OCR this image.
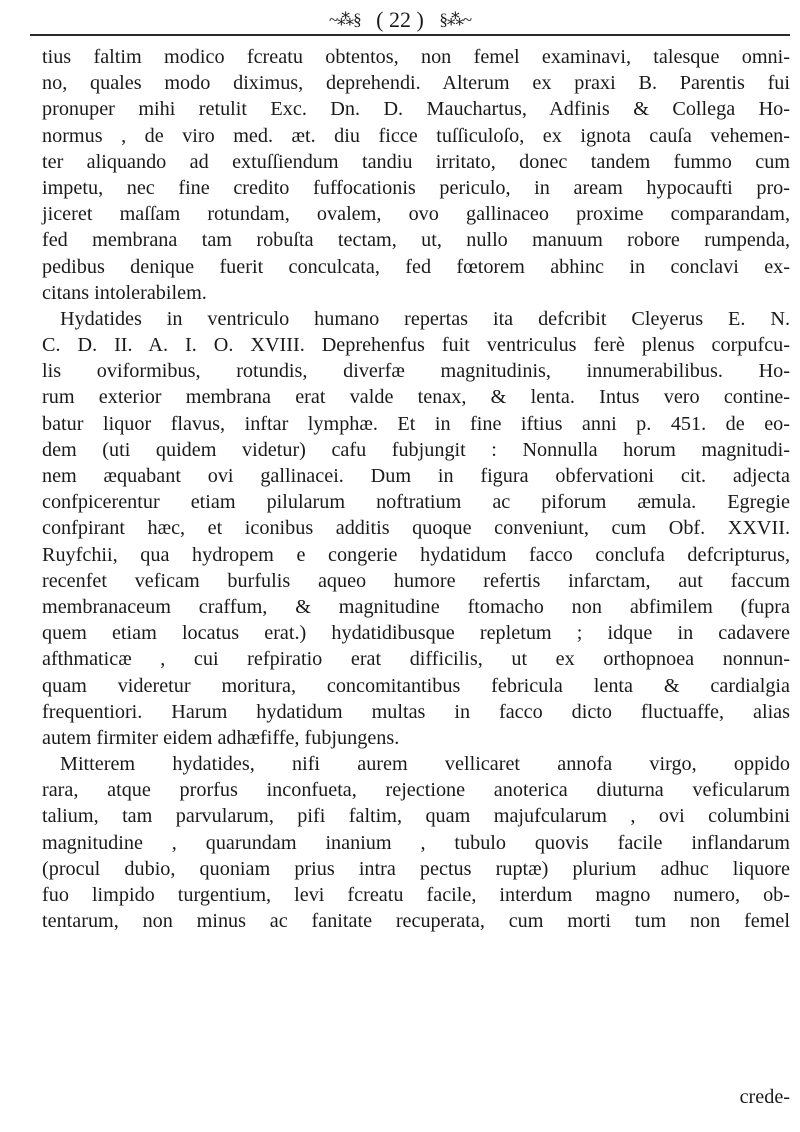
~⁂§ ( 22 ) §⁂~
tius faltim modico fcreatu obtentos, non femel examinavi, talesque omni-
no, quales modo diximus, deprehendi. Alterum ex praxi B. Parentis fui
pronuper mihi retulit Exc. Dn. D. Mauchartus, Adfinis & Collega Ho-
normus , de viro med. æt. diu ficce tuſſiculoſo, ex ignota cauſa vehemen-
ter aliquando ad extuſſiendum tandiu irritato, donec tandem fummo cum
impetu, nec fine credito fuffocationis periculo, in aream hypocaufti pro-
jiceret maſſam rotundam, ovalem, ovo gallinaceo proxime comparandam,
fed membrana tam robuſta tectam, ut, nullo manuum robore rumpenda,
pedibus denique fuerit conculcata, fed fœtorem abhinc in conclavi ex-
citans intolerabilem.
Hydatides in ventriculo humano repertas ita defcribit Cleyerus E. N.
C. D. II. A. I. O. XVIII. Deprehenfus fuit ventriculus ferè plenus corpufcu-
lis oviformibus, rotundis, diverfæ magnitudinis, innumerabilibus. Ho-
rum exterior membrana erat valde tenax, & lenta. Intus vero contine-
batur liquor flavus, inftar lymphæ. Et in fine iftius anni p. 451. de eo-
dem (uti quidem videtur) cafu fubjungit : Nonnulla horum magnitudi-
nem æquabant ovi gallinacei. Dum in figura obfervationi cit. adjecta
confpicerentur etiam pilularum noftratium ac piforum æmula. Egregie
confpirant hæc, et iconibus additis quoque conveniunt, cum Obf. XXVII.
Ruyfchii, qua hydropem e congerie hydatidum facco conclufa defcripturus,
recenfet veficam burfulis aqueo humore refertis infarctam, aut faccum
membranaceum craffum, & magnitudine ftomacho non abfimilem (fupra
quem etiam locatus erat.) hydatidibusque repletum ; idque in cadavere
afthmaticæ , cui refpiratio erat difficilis, ut ex orthopnoea nonnun-
quam videretur moritura, concomitantibus febricula lenta & cardialgia
frequentiori. Harum hydatidum multas in facco dicto fluctuaffe, alias
autem firmiter eidem adhæfiffe, fubjungens.
Mitterem hydatides, nifi aurem vellicaret annofa virgo, oppido
rara, atque prorfus inconfueta, rejectione anoterica diuturna veficularum
talium, tam parvularum, pifi faltim, quam majufcularum , ovi columbini
magnitudine , quarundam inanium , tubulo quovis facile inflandarum
(procul dubio, quoniam prius intra pectus ruptæ) plurium adhuc liquore
fuo limpido turgentium, levi fcreatu facile, interdum magno numero, ob-
tentarum, non minus ac fanitate recuperata, cum morti tum non femel
crede-
